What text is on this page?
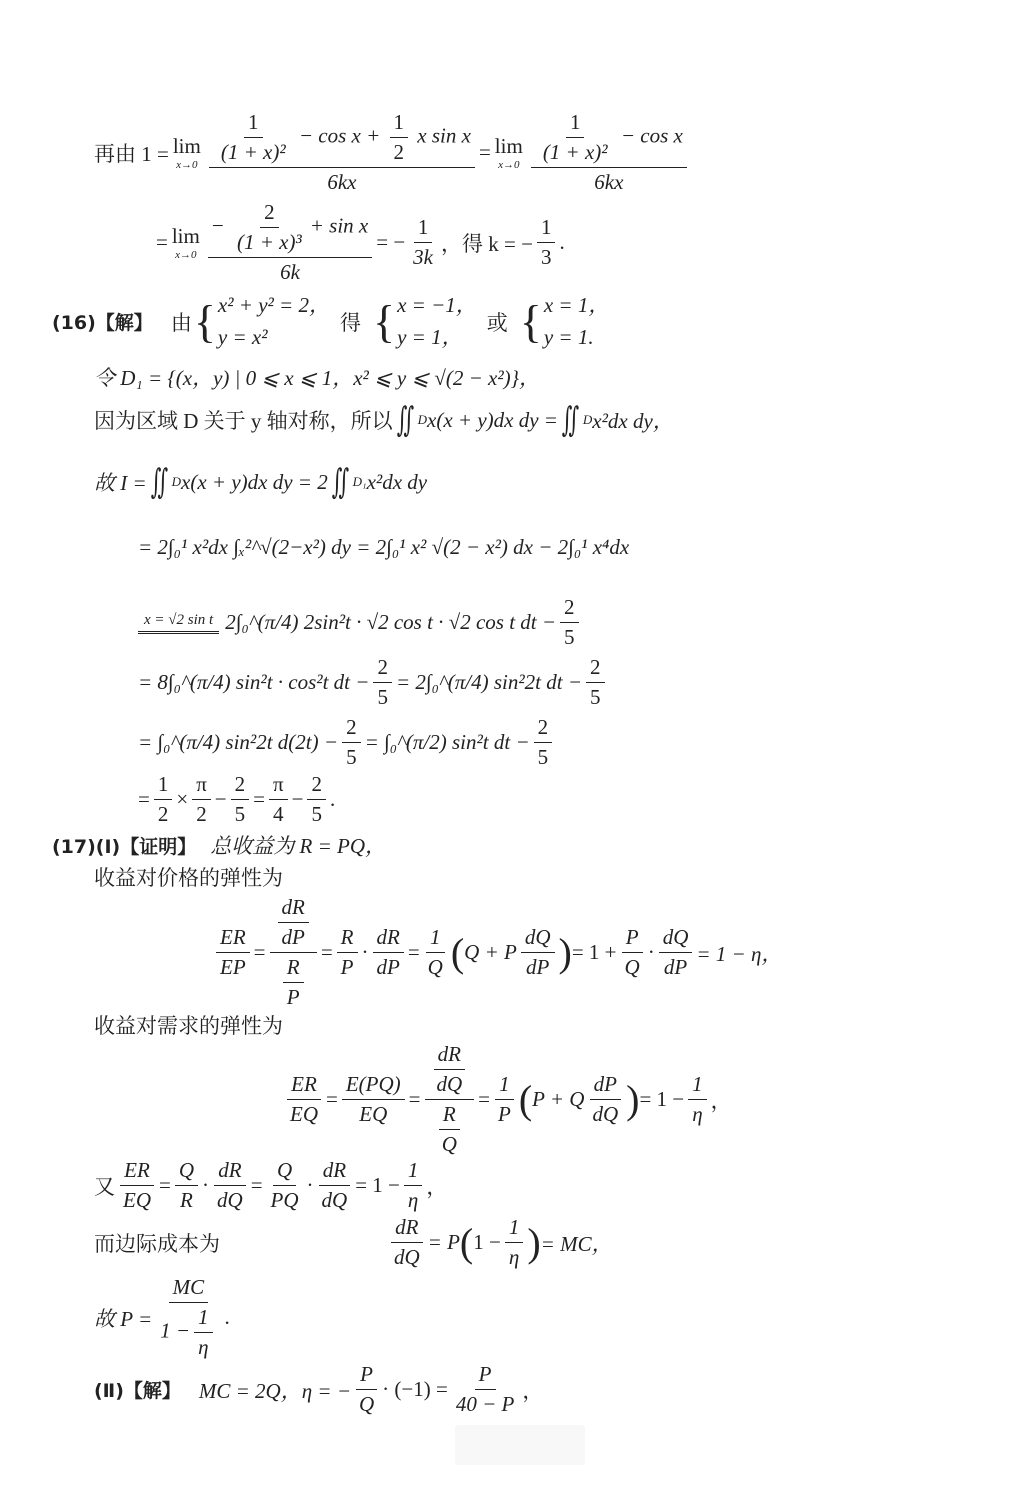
再由 1 = lim
$x\to 0 \frac{\frac{1}{\text{(1 + x)²}} - \cos x + \frac{1}{2} x \sin x}{6kx} = \lim$
$x\to 0 \frac{\frac{1}{\text{(1 + x)²}} - \cos x}{6kx}$
= lim
$x\to 0 \frac{- \frac{2}{\text{(1 + x)³}} + \sin x}{6k}$ = − $\frac{1}{3k}$ ，得 k = − $\frac{1}{3}$ .
(16)【解】 由 { x² + y² = 2，
y = x²
得 { x = −1，
y = 1，
或 { x = 1，
y = 1.
令 D₁ = {(x，y) | 0 ⩽ x ⩽ 1，x² ⩽ y ⩽ √(2 − x²)}，
因为区域 D 关于 y 轴对称，所以 ∬ D x(x + y)dx dy = ∬ D x²dx dy，
故 I = ∬ D x(x + y)dx dy = 2 ∬ D₁ x²dx dy
= 2∫₀¹ x²dx ∫ₓ²^√(2−x²) dy = 2∫₀¹ x² √(2 − x²) dx − 2∫₀¹ x⁴dx
x = √2 sin t 2∫₀^(π/4) 2sin²t · √2 cos t · √2 cos t dt − $\frac{2}{5}$
= 8∫₀^(π/4) sin²t · cos²t dt − $\frac{2}{5}$ = 2∫₀^(π/4) sin²2t dt − $\frac{2}{5}$
= ∫₀^(π/4) sin²2t $d(2t) - \frac{2}{5}$ = ∫₀^(π/2) sin²t dt − $\frac{2}{5}$
= $\frac{1}{2} \times \frac{\pi}{2} - \frac{2}{5} = \frac{\pi}{4} - \frac{2}{5}$ .
(17)(Ⅰ)【证明】 总收益为 R = PQ，
收益对价格的弹性为
$\frac{ER}{EP} = \frac{\frac{dR}{dP}}{\frac{R}{P}} = \frac{R}{P} \cdot \frac{dR}{dP} = \frac{1}{Q}$ ( Q + P $\frac{dQ}{dP}$ ) = $1 + \frac{P}{Q} \cdot \frac{dQ}{dP} = 1 - \eta$，
收益对需求的弹性为
$\frac{ER}{EQ} = \frac{E(PQ)}{EQ} = \frac{\frac{dR}{dQ}}{\frac{R}{Q}} = \frac{1}{P}$ ( P + Q $\frac{dP}{dQ}$ ) = $1 - \frac{1}{\eta}$ ，
又 $\frac{ER}{EQ} = \frac{Q}{R} \cdot \frac{dR}{dQ} = \frac{Q}{PQ} \cdot \frac{dR}{dQ} = 1 - \frac{1}{\eta}$ ，
而边际成本为	$\frac{dR}{dQ} = P$ ( $1 - \frac{1}{\eta}$ ) = MC，
故 $P = \frac{MC}{1 - \frac{1}{\eta}}$ .
(Ⅱ)【解】 MC = 2Q，η = − $\frac{P}{Q} \cdot (-1) = \frac{P}{40 - P}$ ，
